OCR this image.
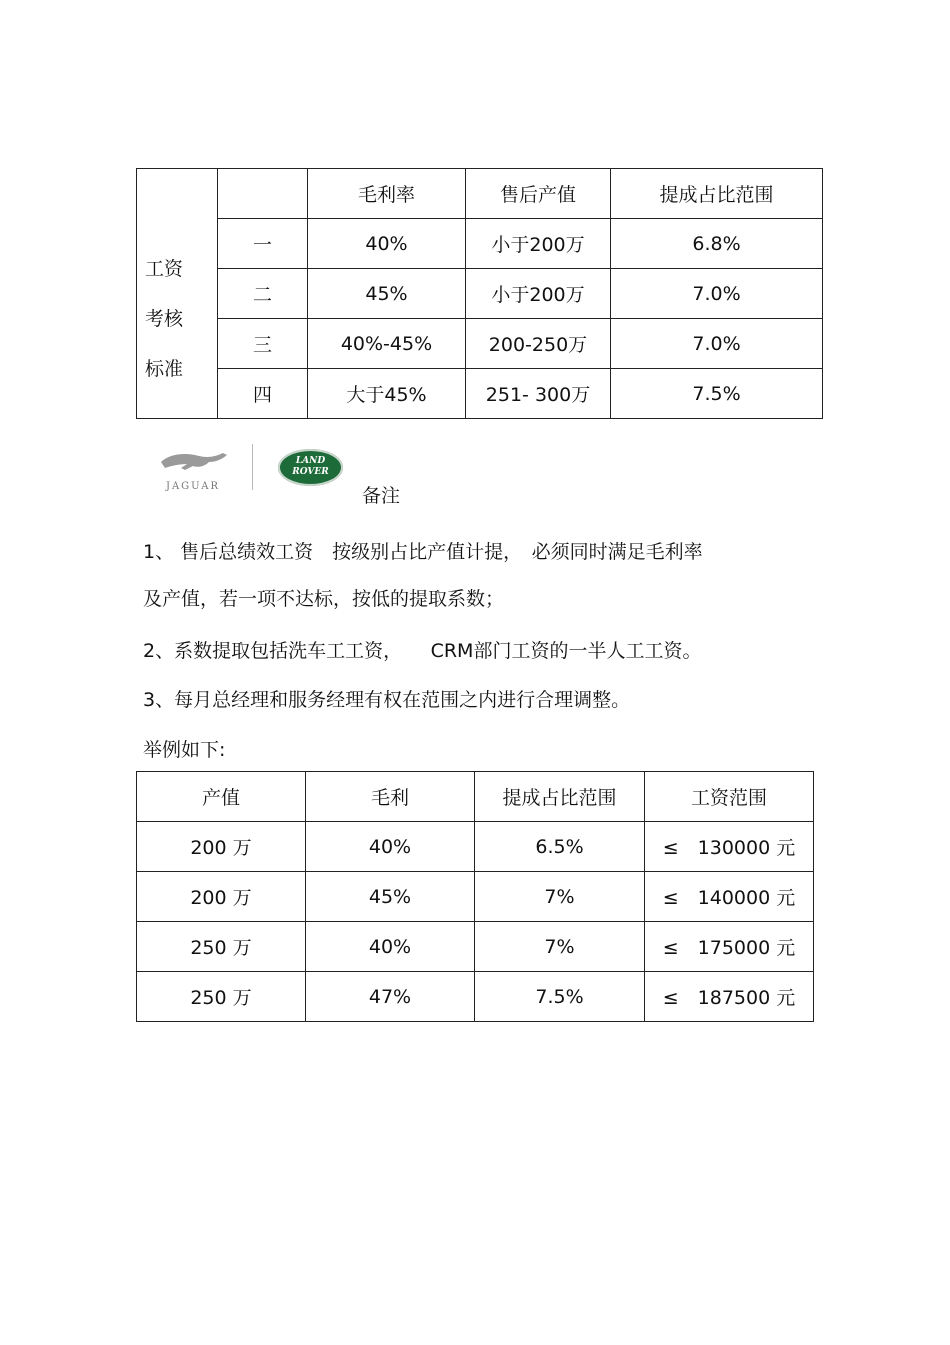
工资
考核
标准		毛利率	售后产值	提成占比范围
	一	40%	小于200万	6.8%
	二	45%	小于200万	7.0%
	三	40%-45%	200-250万	7.0%
	四	大于45%	251- 300万	7.5%
JAGUAR
LAND
ROVER
备注
1、 售后总绩效工资　按级别占比产值计提，　必须同时满足毛利率
及产值，若一项不达标，按低的提取系数；
2、系数提取包括洗车工工资，　　CRM部门工资的一半人工工资。
3、每月总经理和服务经理有权在范围之内进行合理调整。
举例如下:
产值	毛利	提成占比范围	工资范围
200 万	40%	6.5%	≤　130000 元
200 万	45%	7%	≤　140000 元
250 万	40%	7%	≤　175000 元
250 万	47%	7.5%	≤　187500 元
